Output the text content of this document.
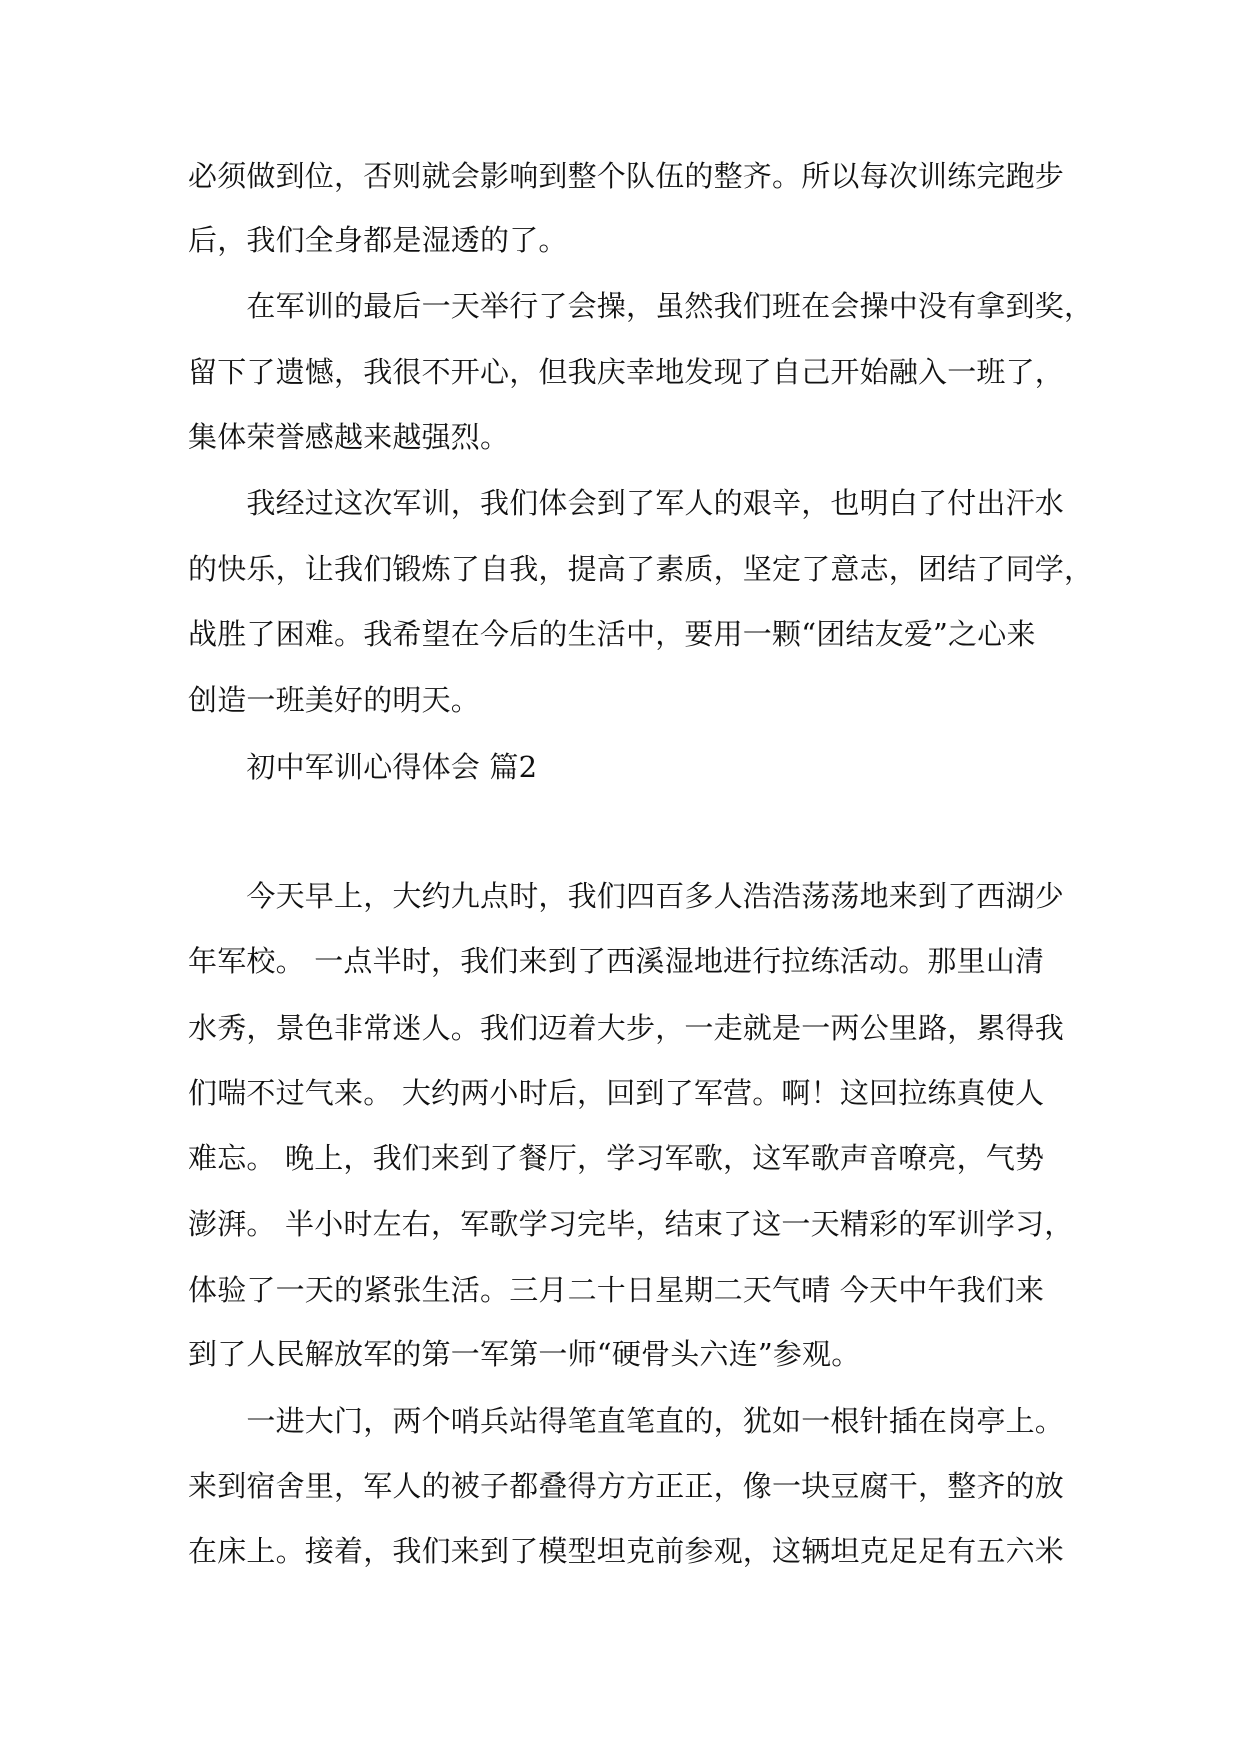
必须做到位，否则就会影响到整个队伍的整齐。所以每次训练完跑步
后，我们全身都是湿透的了。
　　在军训的最后一天举行了会操，虽然我们班在会操中没有拿到奖，
留下了遗憾，我很不开心，但我庆幸地发现了自己开始融入一班了，
集体荣誉感越来越强烈。
　　我经过这次军训，我们体会到了军人的艰辛，也明白了付出汗水
的快乐，让我们锻炼了自我，提高了素质，坚定了意志，团结了同学，
战胜了困难。我希望在今后的生活中，要用一颗“团结友爱”之心来
创造一班美好的明天。
　　初中军训心得体会 篇2
　　今天早上，大约九点时，我们四百多人浩浩荡荡地来到了西湖少
年军校。 一点半时，我们来到了西溪湿地进行拉练活动。那里山清
水秀，景色非常迷人。我们迈着大步，一走就是一两公里路，累得我
们喘不过气来。 大约两小时后，回到了军营。啊！这回拉练真使人
难忘。 晚上，我们来到了餐厅，学习军歌，这军歌声音嘹亮，气势
澎湃。 半小时左右，军歌学习完毕，结束了这一天精彩的军训学习，
体验了一天的紧张生活。三月二十日星期二天气晴 今天中午我们来
到了人民解放军的第一军第一师“硬骨头六连”参观。
　　一进大门，两个哨兵站得笔直笔直的，犹如一根针插在岗亭上。
来到宿舍里，军人的被子都叠得方方正正，像一块豆腐干，整齐的放
在床上。接着，我们来到了模型坦克前参观，这辆坦克足足有五六米
